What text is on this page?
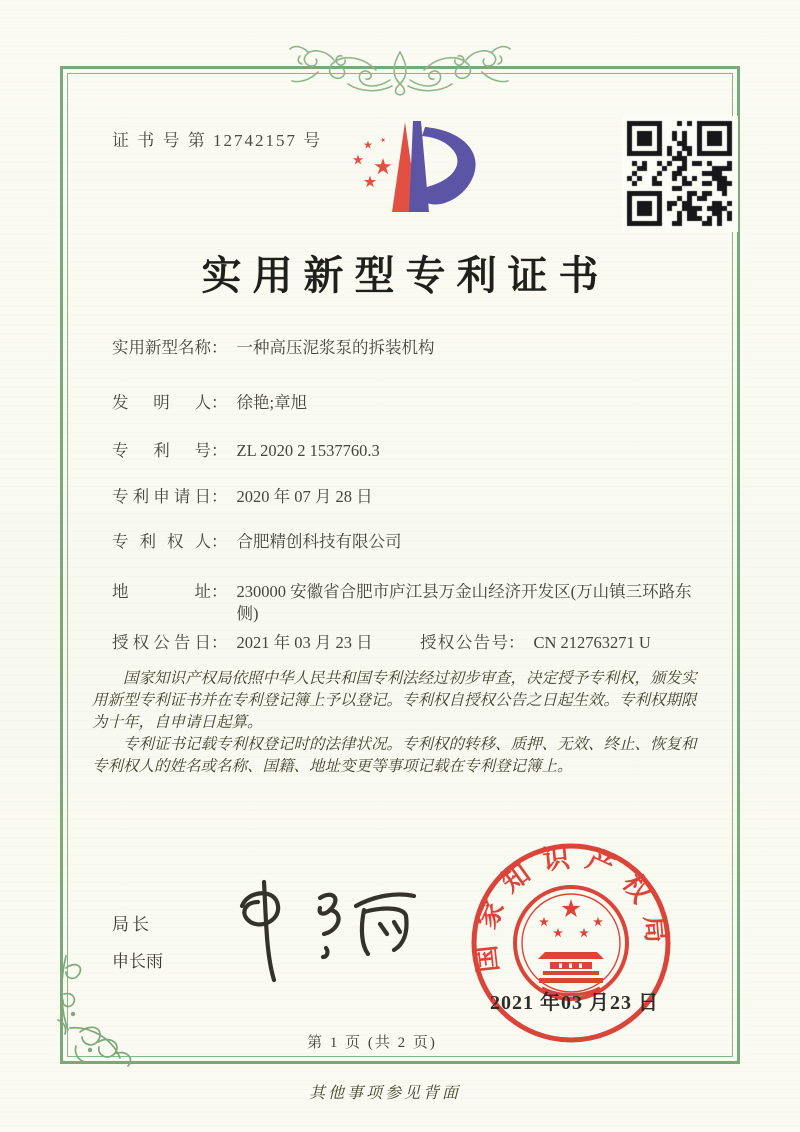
证 书 号 第 12742157 号
实用新型专利证书
实用新型名称 ： 一种高压泥浆泵的拆装机构
发明人 ： 徐艳;章旭
专利号 ： ZL 2020 2 1537760.3
专利申请日 ： 2020 年 07 月 28 日
专利权人 ： 合肥精创科技有限公司
地址 ： 230000 安徽省合肥市庐江县万金山经济开发区(万山镇三环路东侧)
授权公告日 ： 2021 年 03 月 23 日	授权公告号 ： CN 212763271 U

国家知识产权局依照中华人民共和国专利法经过初步审查，决定授予专利权，颁发实用新型专利证书并在专利登记簿上予以登记。专利权自授权公告之日起生效。专利权期限为十年，自申请日起算。

专利证书记载专利权登记时的法律状况。专利权的转移、质押、无效、终止、恢复和专利权人的姓名或名称、国籍、地址变更等事项记载在专利登记簿上。

局长
申长雨	国家知识产权局
2021 年03 月23 日
第 1 页 (共 2 页)
其他事项参见背面
